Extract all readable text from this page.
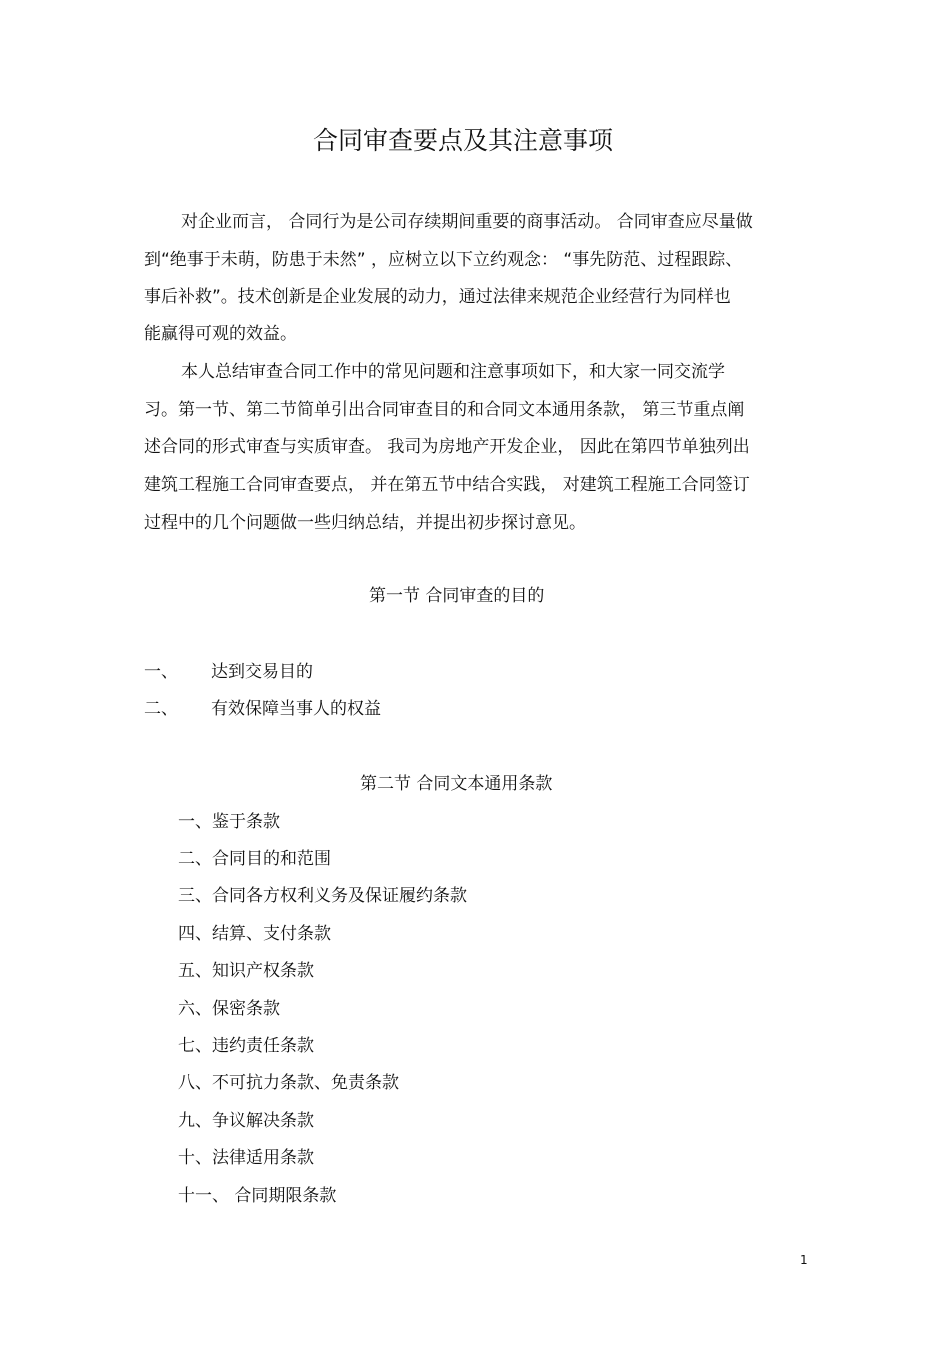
合同审查要点及其注意事项
对企业而言， 合同行为是公司存续期间重要的商事活动。 合同审查应尽量做
到“绝事于未萌，防患于未然” ，应树立以下立约观念： “事先防范、过程跟踪、
事后补救”。技术创新是企业发展的动力，通过法律来规范企业经营行为同样也
能赢得可观的效益。
本人总结审查合同工作中的常见问题和注意事项如下，和大家一同交流学
习。第一节、第二节简单引出合同审查目的和合同文本通用条款， 第三节重点阐
述合同的形式审查与实质审查。 我司为房地产开发企业， 因此在第四节单独列出
建筑工程施工合同审查要点， 并在第五节中结合实践， 对建筑工程施工合同签订
过程中的几个问题做一些归纳总结，并提出初步探讨意见。
第一节 合同审查的目的
一、 达到交易目的
二、 有效保障当事人的权益
第二节 合同文本通用条款
一、鉴于条款
二、合同目的和范围
三、合同各方权利义务及保证履约条款
四、结算、支付条款
五、知识产权条款
六、保密条款
七、违约责任条款
八、不可抗力条款、免责条款
九、争议解决条款
十、法律适用条款
十一、 合同期限条款
1
